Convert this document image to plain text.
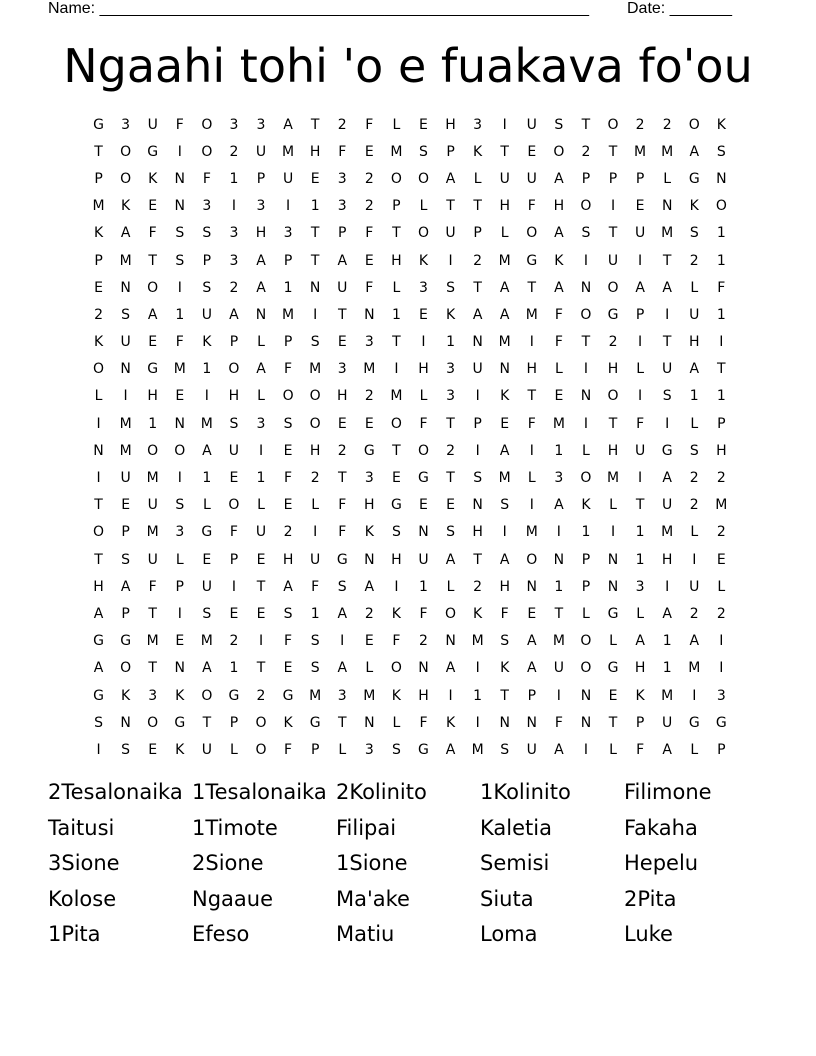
Name: _______________________________________________________ Date: _______
Ngaahi tohi 'o e fuakava fo'ou
G	3	U	F	O	3	3	A	T	2	F	L	E	H	3	I	U	S	T	O	2	2	O	K
T	O	G	I	O	2	U	M	H	F	E	M	S	P	K	T	E	O	2	T	M	M	A	S
P	O	K	N	F	1	P	U	E	3	2	O	O	A	L	U	U	A	P	P	P	L	G	N
M	K	E	N	3	I	3	I	1	3	2	P	L	T	T	H	F	H	O	I	E	N	K	O
K	A	F	S	S	3	H	3	T	P	F	T	O	U	P	L	O	A	S	T	U	M	S	1
P	M	T	S	P	3	A	P	T	A	E	H	K	I	2	M	G	K	I	U	I	T	2	1
E	N	O	I	S	2	A	1	N	U	F	L	3	S	T	A	T	A	N	O	A	A	L	F
2	S	A	1	U	A	N	M	I	T	N	1	E	K	A	A	M	F	O	G	P	I	U	1
K	U	E	F	K	P	L	P	S	E	3	T	I	1	N	M	I	F	T	2	I	T	H	I
O	N	G	M	1	O	A	F	M	3	M	I	H	3	U	N	H	L	I	H	L	U	A	T
L	I	H	E	I	H	L	O	O	H	2	M	L	3	I	K	T	E	N	O	I	S	1	1
I	M	1	N	M	S	3	S	O	E	E	O	F	T	P	E	F	M	I	T	F	I	L	P
N	M	O	O	A	U	I	E	H	2	G	T	O	2	I	A	I	1	L	H	U	G	S	H
I	U	M	I	1	E	1	F	2	T	3	E	G	T	S	M	L	3	O	M	I	A	2	2
T	E	U	S	L	O	L	E	L	F	H	G	E	E	N	S	I	A	K	L	T	U	2	M
O	P	M	3	G	F	U	2	I	F	K	S	N	S	H	I	M	I	1	I	1	M	L	2
T	S	U	L	E	P	E	H	U	G	N	H	U	A	T	A	O	N	P	N	1	H	I	E
H	A	F	P	U	I	T	A	F	S	A	I	1	L	2	H	N	1	P	N	3	I	U	L
A	P	T	I	S	E	E	S	1	A	2	K	F	O	K	F	E	T	L	G	L	A	2	2
G	G	M	E	M	2	I	F	S	I	E	F	2	N	M	S	A	M	O	L	A	1	A	I
A	O	T	N	A	1	T	E	S	A	L	O	N	A	I	K	A	U	O	G	H	1	M	I
G	K	3	K	O	G	2	G	M	3	M	K	H	I	1	T	P	I	N	E	K	M	I	3
S	N	O	G	T	P	O	K	G	T	N	L	F	K	I	N	N	F	N	T	P	U	G	G
I	S	E	K	U	L	O	F	P	L	3	S	G	A	M	S	U	A	I	L	F	A	L	P
2Tesalonaika 1Tesalonaika 2Kolinito	1Kolinito	Filimone
Taitusi	1Timote	Filipai	Kaletia	Fakaha
3Sione	2Sione	1Sione	Semisi	Hepelu
Kolose	Ngaaue	Ma'ake	Siuta	2Pita
1Pita	Efeso	Matiu	Loma	Luke
